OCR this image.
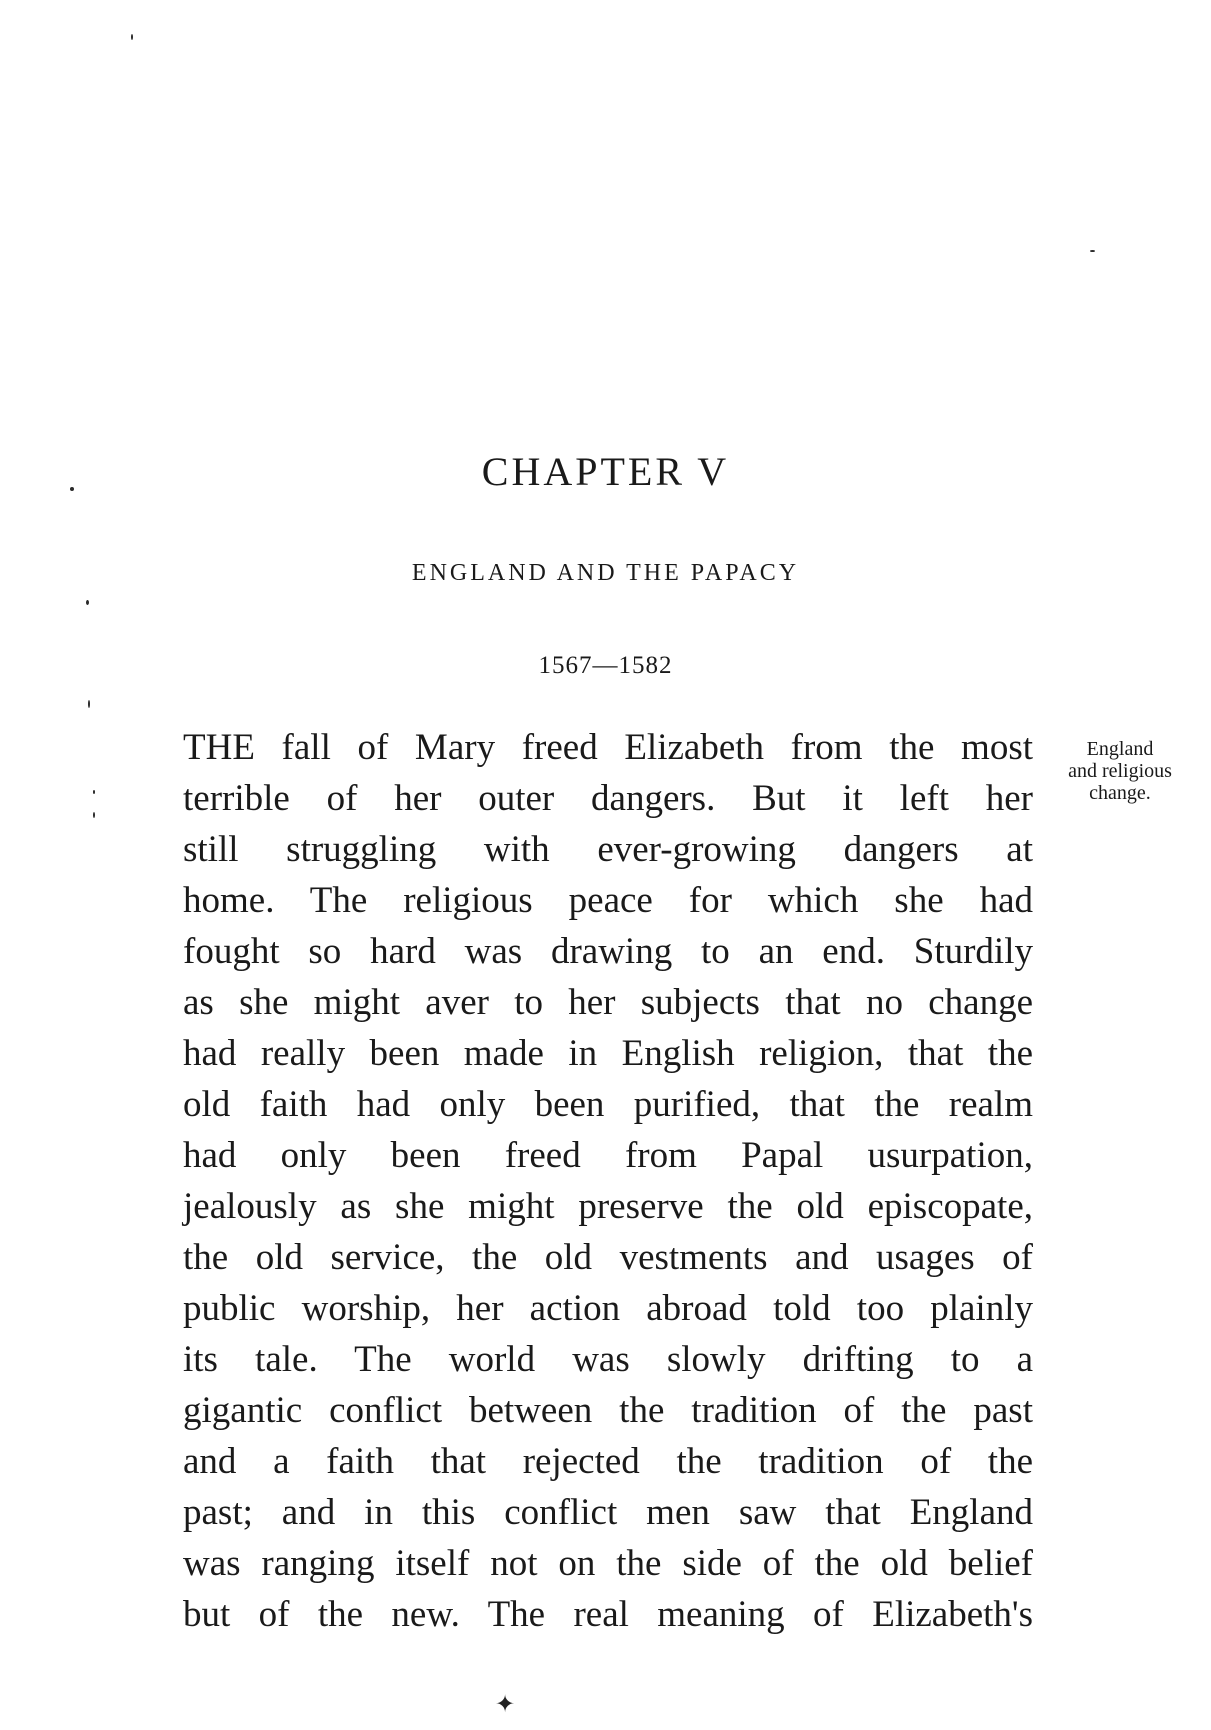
CHAPTER V
ENGLAND AND THE PAPACY
1567—1582
England
and religious
change.
THE fall of Mary freed Elizabeth from the most
terrible of her outer dangers. But it left her
still struggling with ever-growing dangers at
home. The religious peace for which she had
fought so hard was drawing to an end. Sturdily
as she might aver to her subjects that no change
had really been made in English religion, that the
old faith had only been purified, that the realm
had only been freed from Papal usurpation,
jealously as she might preserve the old episcopate,
the old service, the old vestments and usages of
public worship, her action abroad told too plainly
its tale. The world was slowly drifting to a
gigantic conflict between the tradition of the past
and a faith that rejected the tradition of the
past; and in this conflict men saw that England
was ranging itself not on the side of the old belief
but of the new. The real meaning of Elizabeth's
✦
